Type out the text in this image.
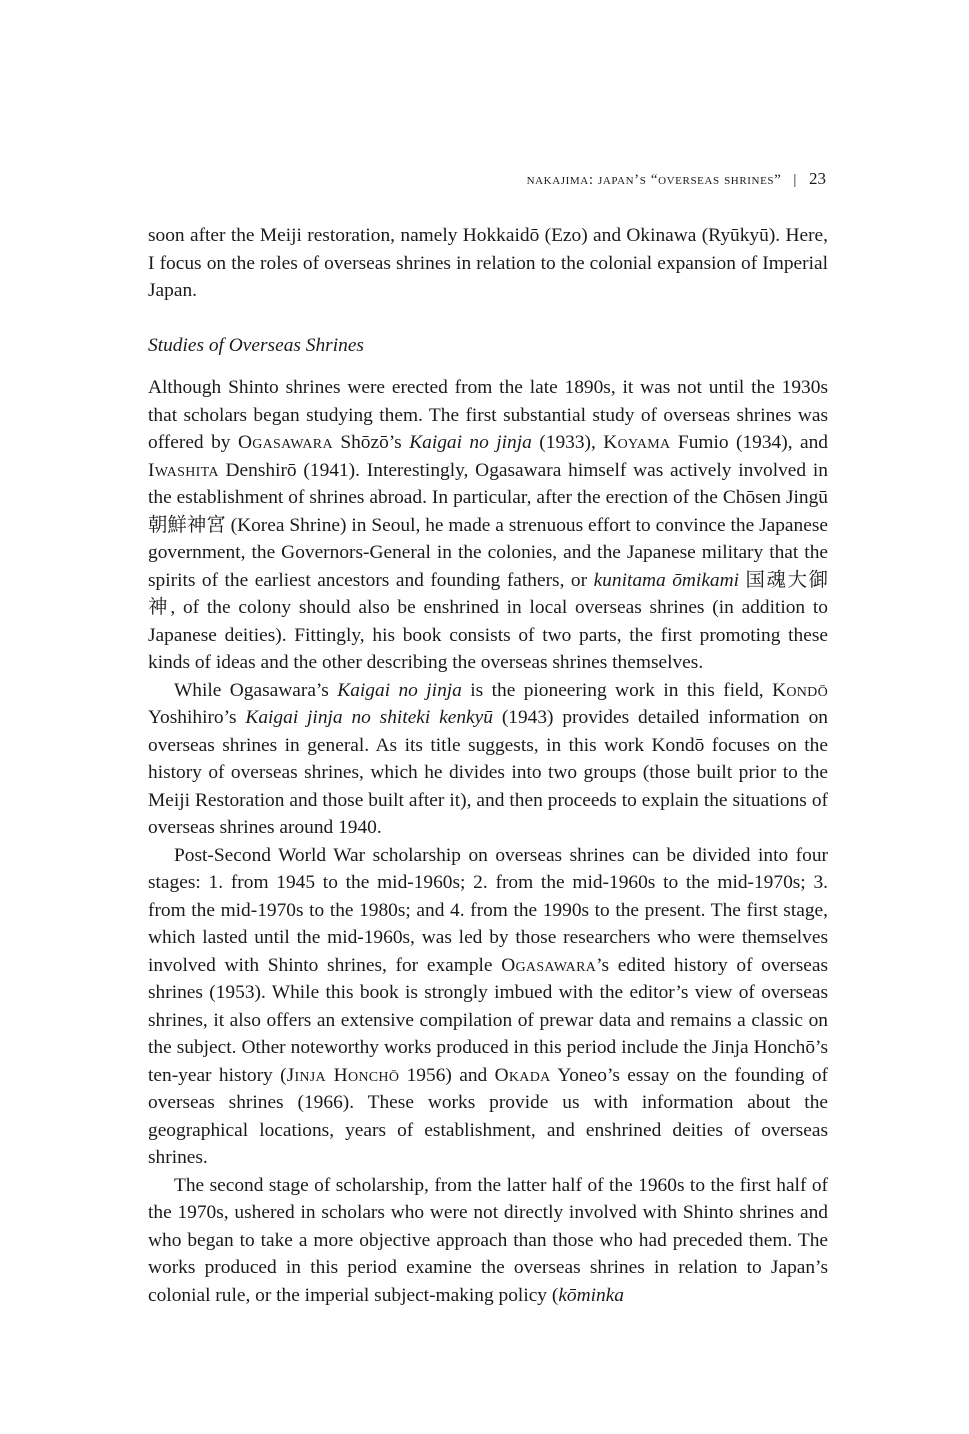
nakajima: japan’s “overseas shrines” | 23

soon after the Meiji restoration, namely Hokkaidō (Ezo) and Okinawa (Ryūkyū). Here, I focus on the roles of overseas shrines in relation to the colonial expansion of Imperial Japan.

Studies of Overseas Shrines

Although Shinto shrines were erected from the late 1890s, it was not until the 1930s that scholars began studying them. The first substantial study of overseas shrines was offered by Ogasawara Shōzō’s Kaigai no jinja (1933), Koyama Fumio (1934), and Iwashita Denshirō (1941). Interestingly, Ogasawara himself was actively involved in the establishment of shrines abroad. In particular, after the erection of the Chōsen Jingū 朝鮮神宮 (Korea Shrine) in Seoul, he made a strenuous effort to convince the Japanese government, the Governors-General in the colonies, and the Japanese military that the spirits of the earliest ancestors and founding fathers, or kunitama ōmikami 国魂大御神, of the colony should also be enshrined in local overseas shrines (in addition to Japanese deities). Fittingly, his book consists of two parts, the first promoting these kinds of ideas and the other describing the overseas shrines themselves.

While Ogasawara’s Kaigai no jinja is the pioneering work in this field, Kondō Yoshihiro’s Kaigai jinja no shiteki kenkyū (1943) provides detailed information on overseas shrines in general. As its title suggests, in this work Kondō focuses on the history of overseas shrines, which he divides into two groups (those built prior to the Meiji Restoration and those built after it), and then proceeds to explain the situations of overseas shrines around 1940.

Post-Second World War scholarship on overseas shrines can be divided into four stages: 1. from 1945 to the mid-1960s; 2. from the mid-1960s to the mid-1970s; 3. from the mid-1970s to the 1980s; and 4. from the 1990s to the present. The first stage, which lasted until the mid-1960s, was led by those researchers who were themselves involved with Shinto shrines, for example Ogasawara’s edited history of overseas shrines (1953). While this book is strongly imbued with the editor’s view of overseas shrines, it also offers an extensive compilation of prewar data and remains a classic on the subject. Other noteworthy works produced in this period include the Jinja Honchō’s ten-year history (Jinja Honchō 1956) and Okada Yoneo’s essay on the founding of overseas shrines (1966). These works provide us with information about the geographical locations, years of establishment, and enshrined deities of overseas shrines.

The second stage of scholarship, from the latter half of the 1960s to the first half of the 1970s, ushered in scholars who were not directly involved with Shinto shrines and who began to take a more objective approach than those who had preceded them. The works produced in this period examine the overseas shrines in relation to Japan’s colonial rule, or the imperial subject-making policy (kōminka
